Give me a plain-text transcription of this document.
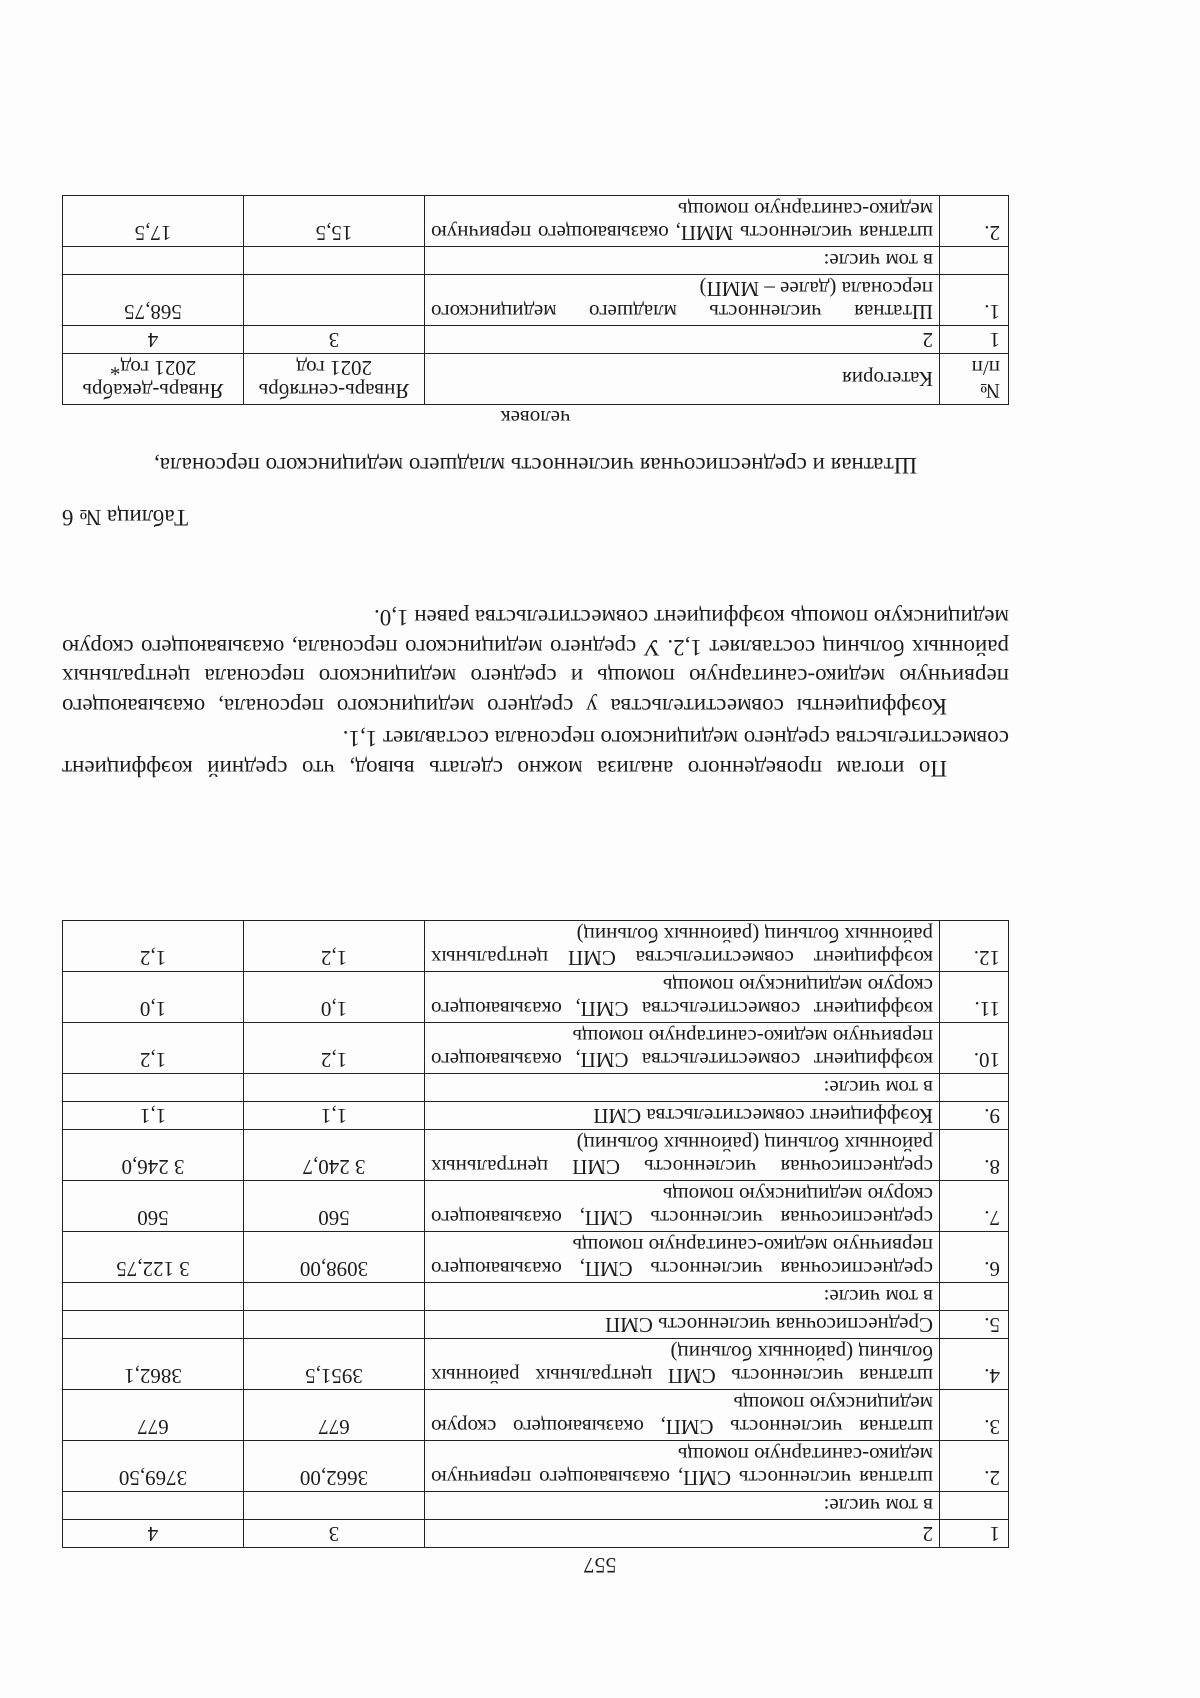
557
1	2	3	4
	в том числе:		
2.	штатная численность СМП, оказывающего первичную медико-санитарную помощь	3662,00	3769,50
3.	штатная численность СМП, оказывающего скорую медицинскую помощь	677	677
4.	штатная численность СМП центральных районных больниц (районных больниц)	3951,5	3862,1
5.	Среднесписочная численность СМП		
	в том числе:		
6.	среднесписочная численность СМП, оказывающего первичную медико-санитарную помощь	3098,00	3 122,75
7.	среднесписочная численность СМП, оказывающего скорую медицинскую помощь	560	560
8.	среднесписочная численность СМП центральных районных больниц (районных больниц)	3 240,7	3 246,0
9.	Коэффициент совместительства СМП	1,1	1,1
	в том числе:		
10.	коэффициент совместительства СМП, оказывающего первичную медико-санитарную помощь	1,2	1,2
11.	коэффициент совместительства СМП, оказывающего скорую медицинскую помощь	1,0	1,0
12.	коэффициент совместительства СМП центральных районных больниц (районных больниц)	1,2	1,2

По итогам проведенного анализа можно сделать вывод, что средний коэффициент совместительства среднего медицинского персонала составляет 1,1.

Коэффициенты совместительства у среднего медицинского персонала, оказывающего первичную медико-санитарную помощь и среднего медицинского персонала центральных районных больниц составляет 1,2. У среднего медицинского персонала, оказывающего скорую медицинскую помощь коэффициент совместительства равен 1,0.

Таблица № 6
Штатная и среднесписочная численность младшего медицинского персонала,
человек
№
п/п	Категория	Январь-сентябрь 2021 год	Январь-декабрь 2021 год*
1	2	3	4
1.	Штатная численность младшего медицинского персонала (далее – ММП)		568,75
	в том числе:		
2.	штатная численность ММП, оказывающего первичную медико-санитарную помощь	15,5	17,5
